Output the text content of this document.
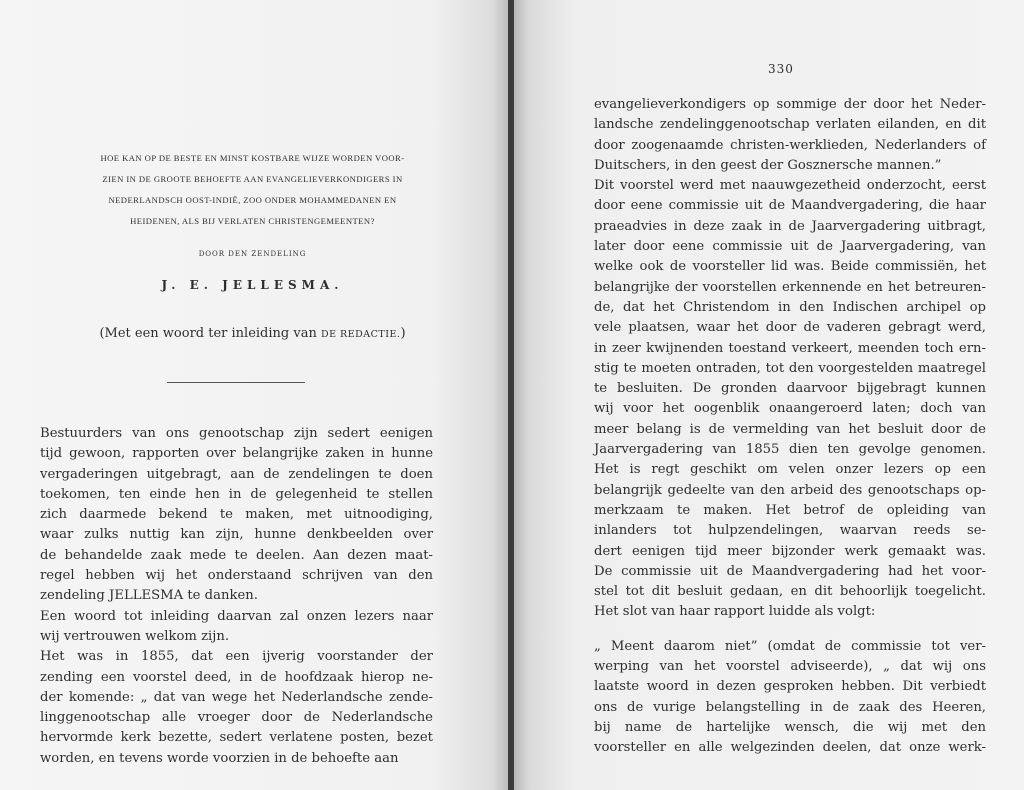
HOE KAN OP DE BESTE EN MINST KOSTBARE WIJZE WORDEN VOOR-
ZIEN IN DE GROOTE BEHOEFTE AAN EVANGELIEVERKONDIGERS IN
NEDERLANDSCH OOST-INDIË, ZOO ONDER MOHAMMEDANEN EN
HEIDENEN, ALS BIJ VERLATEN CHRISTENGEMEENTEN?
DOOR DEN ZENDELING
J. E. JELLESMA.
(Met een woord ter inleiding van DE REDACTIE.)
Bestuurders van ons genootschap zijn sedert eenigen
tijd gewoon, rapporten over belangrijke zaken in hunne
vergaderingen uitgebragt, aan de zendelingen te doen
toekomen, ten einde hen in de gelegenheid te stellen
zich daarmede bekend te maken, met uitnoodiging,
waar zulks nuttig kan zijn, hunne denkbeelden over
de behandelde zaak mede te deelen. Aan dezen maat-
regel hebben wij het onderstaand schrijven van den
zendeling JELLESMA te danken.
Een woord tot inleiding daarvan zal onzen lezers naar
wij vertrouwen welkom zijn.
Het was in 1855, dat een ijverig voorstander der
zending een voorstel deed, in de hoofdzaak hierop ne-
der komende: „ dat van wege het Nederlandsche zende-
linggenootschap alle vroeger door de Nederlandsche
hervormde kerk bezette, sedert verlatene posten, bezet
worden, en tevens worde voorzien in de behoefte aan
330
evangelieverkondigers op sommige der door het Neder-
landsche zendelinggenootschap verlaten eilanden, en dit
door zoogenaamde christen-werklieden, Nederlanders of
Duitschers, in den geest der Gosznersche mannen.”
Dit voorstel werd met naauwgezetheid onderzocht, eerst
door eene commissie uit de Maandvergadering, die haar
praeadvies in deze zaak in de Jaarvergadering uitbragt,
later door eene commissie uit de Jaarvergadering, van
welke ook de voorsteller lid was. Beide commissiën, het
belangrijke der voorstellen erkennende en het betreuren-
de, dat het Christendom in den Indischen archipel op
vele plaatsen, waar het door de vaderen gebragt werd,
in zeer kwijnenden toestand verkeert, meenden toch ern-
stig te moeten ontraden, tot den voorgestelden maatregel
te besluiten. De gronden daarvoor bijgebragt kunnen
wij voor het oogenblik onaangeroerd laten; doch van
meer belang is de vermelding van het besluit door de
Jaarvergadering van 1855 dien ten gevolge genomen.
Het is regt geschikt om velen onzer lezers op een
belangrijk gedeelte van den arbeid des genootschaps op-
merkzaam te maken. Het betrof de opleiding van
inlanders tot hulpzendelingen, waarvan reeds se-
dert eenigen tijd meer bijzonder werk gemaakt was.
De commissie uit de Maandvergadering had het voor-
stel tot dit besluit gedaan, en dit behoorlijk toegelicht.
Het slot van haar rapport luidde als volgt:
„ Meent daarom niet” (omdat de commissie tot ver-
werping van het voorstel adviseerde), „ dat wij ons
laatste woord in dezen gesproken hebben. Dit verbiedt
ons de vurige belangstelling in de zaak des Heeren,
bij name de hartelijke wensch, die wij met den
voorsteller en alle welgezinden deelen, dat onze werk-
